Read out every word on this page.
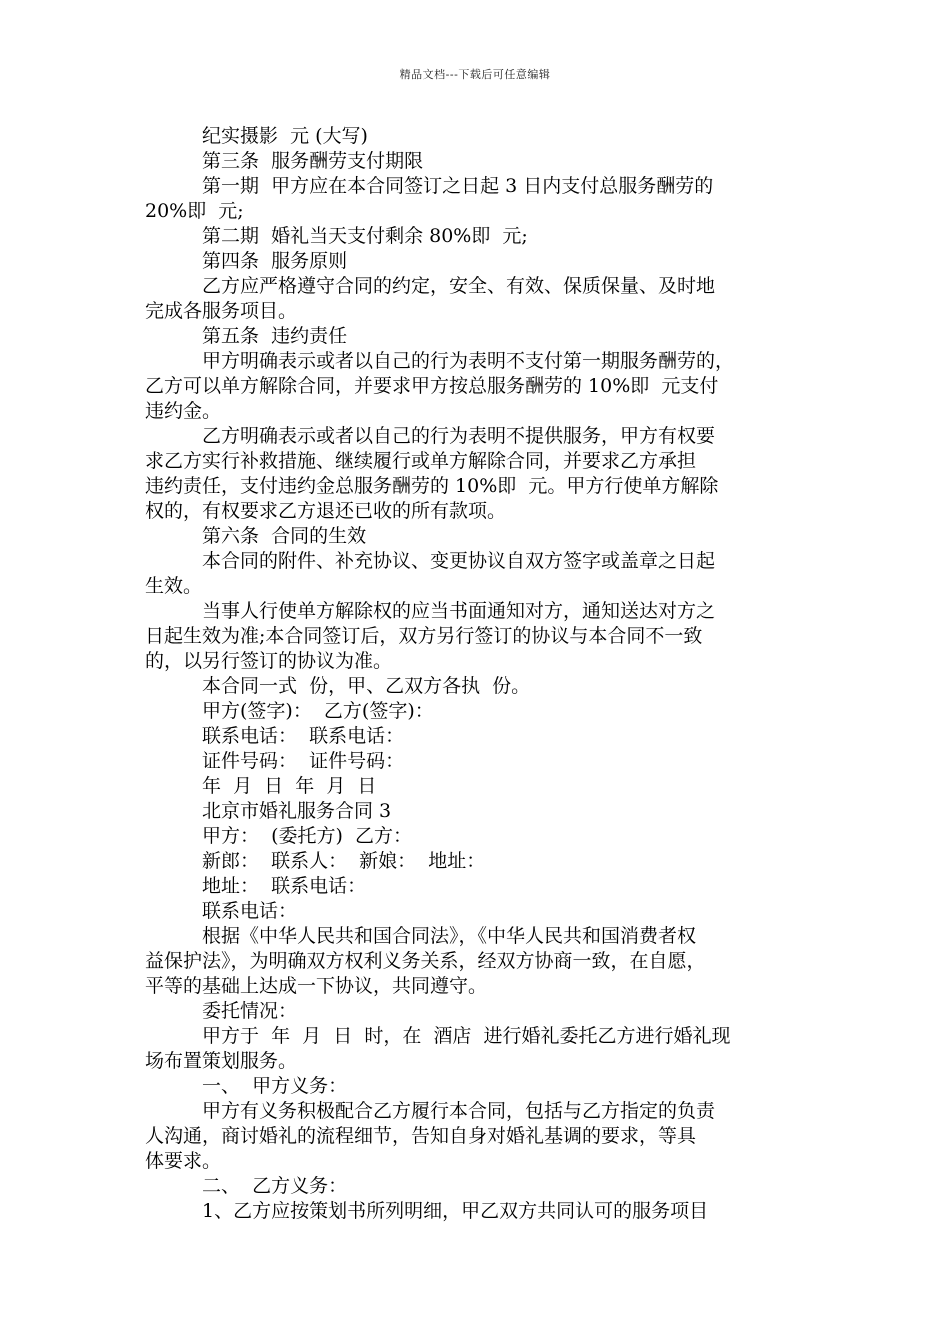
精品文档---下载后可任意编辑
纪实摄影  元 (大写)
第三条  服务酬劳支付期限
第一期  甲方应在本合同签订之日起 3 日内支付总服务酬劳的
20%即  元;
第二期  婚礼当天支付剩余 80%即  元;
第四条  服务原则
乙方应严格遵守合同的约定，安全、有效、保质保量、及时地
完成各服务项目。
第五条  违约责任
甲方明确表示或者以自己的行为表明不支付第一期服务酬劳的，
乙方可以单方解除合同，并要求甲方按总服务酬劳的 10%即  元支付
违约金。
乙方明确表示或者以自己的行为表明不提供服务，甲方有权要
求乙方实行补救措施、继续履行或单方解除合同，并要求乙方承担
违约责任，支付违约金总服务酬劳的 10%即  元。甲方行使单方解除
权的，有权要求乙方退还已收的所有款项。
第六条  合同的生效
本合同的附件、补充协议、变更协议自双方签字或盖章之日起
生效。
当事人行使单方解除权的应当书面通知对方，通知送达对方之
日起生效为准;本合同签订后，双方另行签订的协议与本合同不一致
的，以另行签订的协议为准。
本合同一式  份，甲、乙双方各执  份。
甲方(签字)：  乙方(签字)：
联系电话：  联系电话：
证件号码：  证件号码：
年  月  日  年  月  日
北京市婚礼服务合同 3
甲方：  (委托方)  乙方：
新郎：  联系人：  新娘：  地址：
地址：  联系电话：
联系电话：
根据《中华人民共和国合同法》，《中华人民共和国消费者权
益保护法》，为明确双方权利义务关系，经双方协商一致，在自愿，
平等的基础上达成一下协议，共同遵守。
委托情况：
甲方于  年  月  日  时，在  酒店  进行婚礼委托乙方进行婚礼现
场布置策划服务。
一、  甲方义务：
甲方有义务积极配合乙方履行本合同，包括与乙方指定的负责
人沟通，商讨婚礼的流程细节，告知自身对婚礼基调的要求，等具
体要求。
二、  乙方义务：
1、乙方应按策划书所列明细，甲乙双方共同认可的服务项目
